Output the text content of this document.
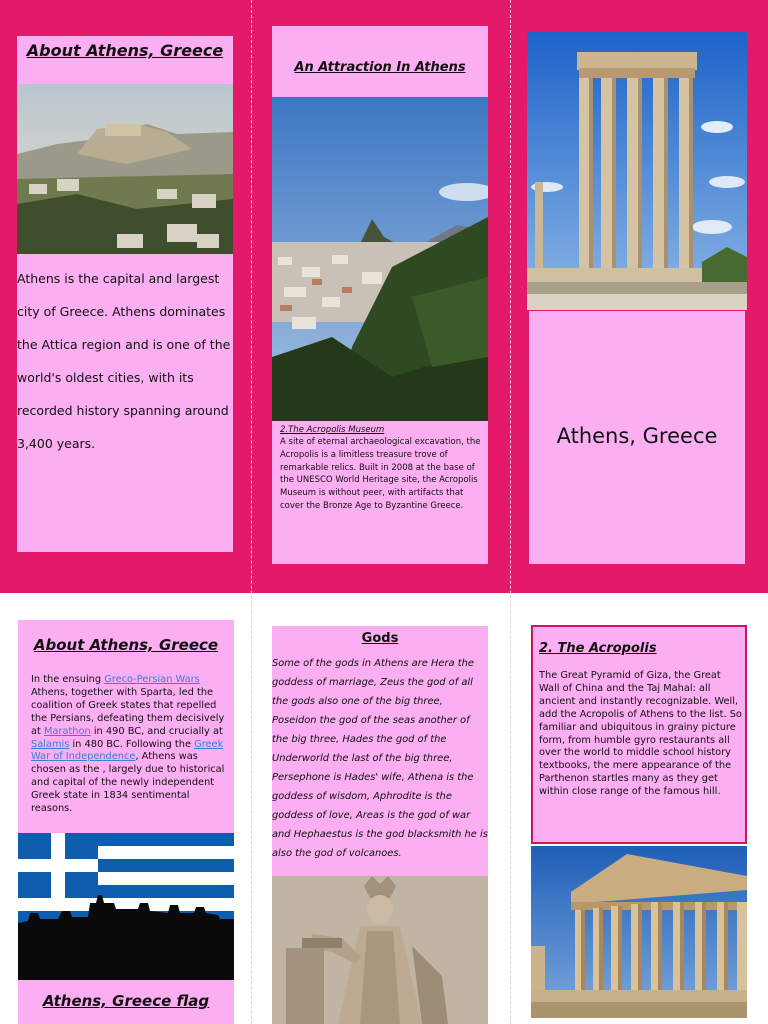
About Athens, Greece
Athens is the capital and largest city of Greece. Athens dominates the Attica region and is one of the world's oldest cities, with its recorded history spanning around 3,400 years.
An Attraction In Athens
2.The Acropolis Museum
A site of eternal archaeological excavation, the Acropolis is a limitless treasure trove of remarkable relics. Built in 2008 at the base of the UNESCO World Heritage site, the Acropolis Museum is without peer, with artifacts that cover the Bronze Age to Byzantine Greece.
Athens, Greece
About Athens, Greece
In the ensuing Greco-Persian Wars Athens, together with Sparta, led the coalition of Greek states that repelled the Persians, defeating them decisively at Marathon in 490 BC, and crucially at Salamis in 480 BC. Following the Greek War of Independence, Athens was chosen as the , largely due to historical and capital of the newly independent Greek state in 1834 sentimental reasons.
Athens, Greece flag
Gods
Some of the gods in Athens are Hera the goddess of marriage, Zeus the god of all the gods also one of the big three, Poseidon the god of the seas another of the big three, Hades the god of the Underworld the last of the big three, Persephone is Hades' wife, Athena is the goddess of wisdom, Aphrodite is the goddess of love, Areas is the god of war and Hephaestus is the god blacksmith he is also the god of volcanoes.
2. The Acropolis
The Great Pyramid of Giza, the Great Wall of China and the Taj Mahal: all ancient and instantly recognizable. Well, add the Acropolis of Athens to the list. So familiar and ubiquitous in grainy picture form, from humble gyro restaurants all over the world to middle school history textbooks, the mere appearance of the Parthenon startles many as they get within close range of the famous hill.
